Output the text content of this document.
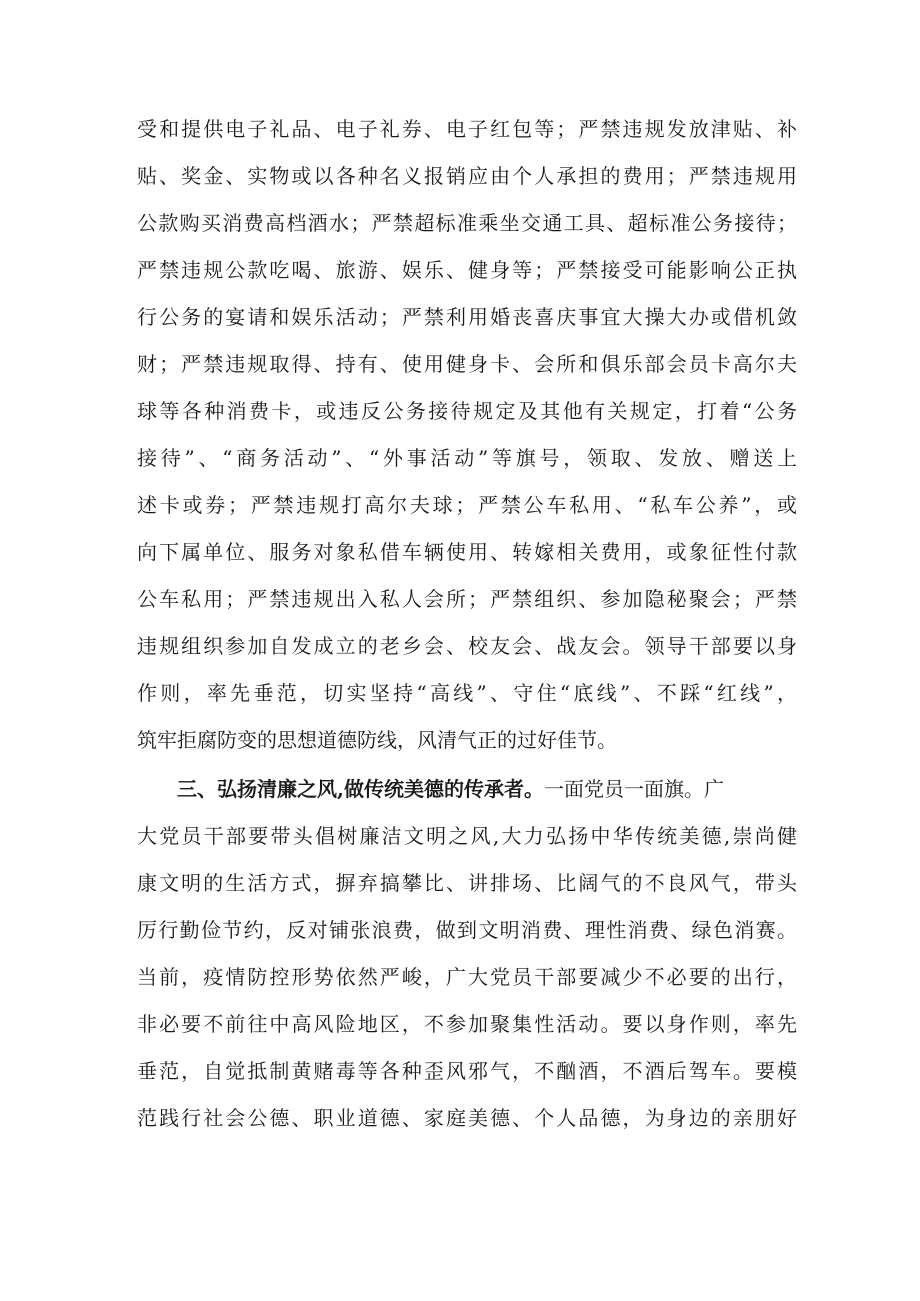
受和提供电子礼品、电子礼券、电子红包等；严禁违规发放津贴、补
贴、奖金、实物或以各种名义报销应由个人承担的费用；严禁违规用
公款购买消费高档酒水；严禁超标准乘坐交通工具、超标准公务接待；
严禁违规公款吃喝、旅游、娱乐、健身等；严禁接受可能影响公正执
行公务的宴请和娱乐活动；严禁利用婚丧喜庆事宜大操大办或借机敛
财；严禁违规取得、持有、使用健身卡、会所和俱乐部会员卡高尔夫
球等各种消费卡，或违反公务接待规定及其他有关规定，打着“公务
接待”、“商务活动”、“外事活动”等旗号，领取、发放、赠送上
述卡或券；严禁违规打高尔夫球；严禁公车私用、“私车公养”，或
向下属单位、服务对象私借车辆使用、转嫁相关费用，或象征性付款
公车私用；严禁违规出入私人会所；严禁组织、参加隐秘聚会；严禁
违规组织参加自发成立的老乡会、校友会、战友会。领导干部要以身
作则，率先垂范，切实坚持“高线”、守住“底线”、不踩“红线”，
筑牢拒腐防变的思想道德防线，风清气正的过好佳节。
三、弘扬清廉之风,做传统美德的传承者。一面党员一面旗。广
大党员干部要带头倡树廉洁文明之风,大力弘扬中华传统美德,崇尚健
康文明的生活方式，摒弃搞攀比、讲排场、比阔气的不良风气，带头
厉行勤俭节约，反对铺张浪费，做到文明消费、理性消费、绿色消赛。
当前，疫情防控形势依然严峻，广大党员干部要减少不必要的出行，
非必要不前往中高风险地区，不参加聚集性活动。要以身作则，率先
垂范，自觉抵制黄赌毒等各种歪风邪气，不酗酒，不酒后驾车。要模
范践行社会公德、职业道德、家庭美德、个人品德，为身边的亲朋好
